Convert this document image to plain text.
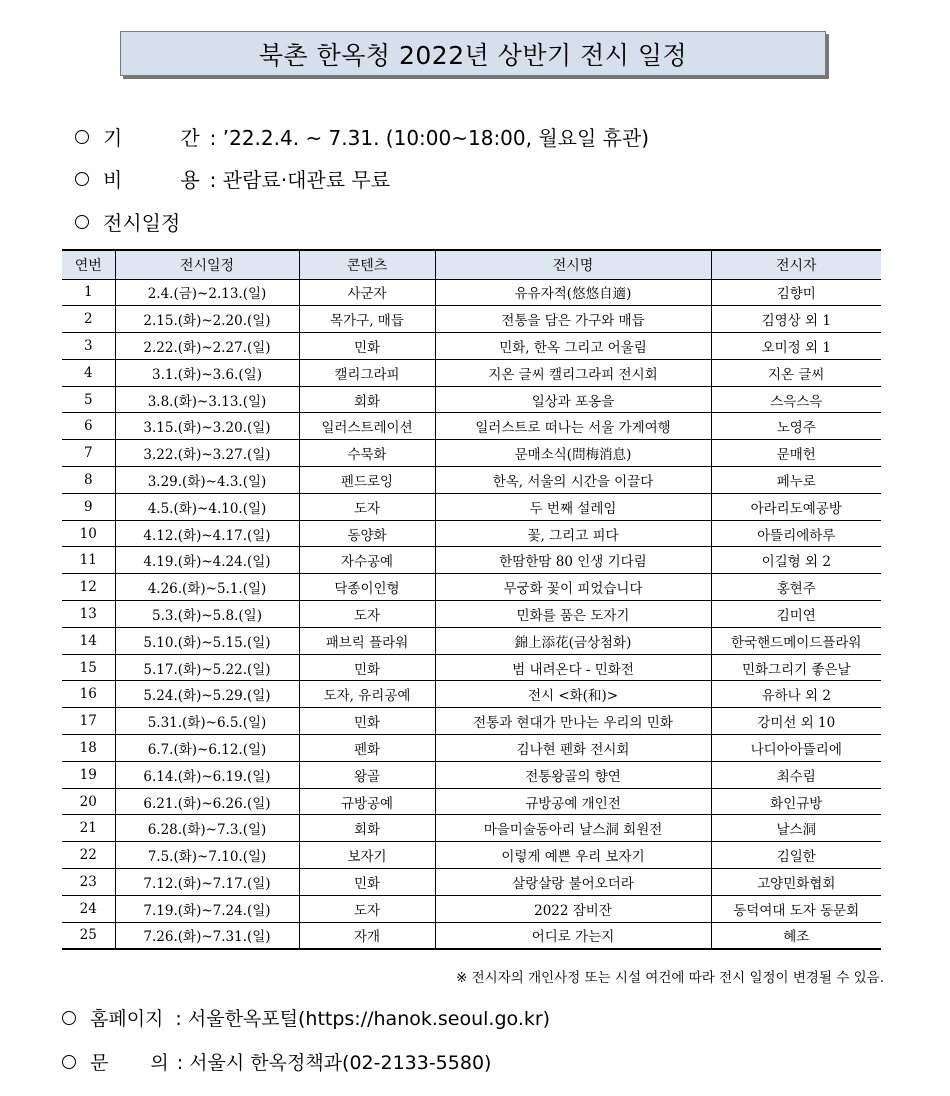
북촌 한옥청 2022년 상반기 전시 일정
기	간 : ’22.2.4. ~ 7.31. (10:00~18:00, 월요일 휴관)
비	용 : 관람료·대관료 무료
전시일정
연번	전시일정	콘텐츠	전시명	전시자
1	2.4.(금)~2.13.(일)	사군자	유유자적(悠悠自適)	김향미
2	2.15.(화)~2.20.(일)	목가구, 매듭	전통을 담은 가구와 매듭	김영상 외 1
3	2.22.(화)~2.27.(일)	민화	민화, 한옥 그리고 어울림	오미정 외 1
4	3.1.(화)~3.6.(일)	캘리그라피	지온 글씨 캘리그라피 전시회	지온 글씨
5	3.8.(화)~3.13.(일)	회화	일상과 포옹을	스윽스윽
6	3.15.(화)~3.20.(일)	일러스트레이션	일러스트로 떠나는 서울 가게여행	노영주
7	3.22.(화)~3.27.(일)	수묵화	문매소식(問梅消息)	문매헌
8	3.29.(화)~4.3.(일)	펜드로잉	한옥, 서울의 시간을 이끌다	페누로
9	4.5.(화)~4.10.(일)	도자	두 번째 설레임	아라리도예공방
10	4.12.(화)~4.17.(일)	동양화	꽃, 그리고 피다	아뜰리에하루
11	4.19.(화)~4.24.(일)	자수공예	한땀한땀 80 인생 기다림	이길형 외 2
12	4.26.(화)~5.1.(일)	닥종이인형	무궁화 꽃이 피었습니다	홍현주
13	5.3.(화)~5.8.(일)	도자	민화를 품은 도자기	김미연
14	5.10.(화)~5.15.(일)	패브릭 플라워	錦上添花(금상첨화)	한국핸드메이드플라워
15	5.17.(화)~5.22.(일)	민화	범 내려온다 - 민화전	민화그리기 좋은날
16	5.24.(화)~5.29.(일)	도자, 유리공예	전시 <화(和)>	유하나 외 2
17	5.31.(화)~6.5.(일)	민화	전통과 현대가 만나는 우리의 민화	강미선 외 10
18	6.7.(화)~6.12.(일)	펜화	김나현 펜화 전시회	나디아아뜰리에
19	6.14.(화)~6.19.(일)	왕골	전통왕골의 향연	최수림
20	6.21.(화)~6.26.(일)	규방공예	규방공예 개인전	화인규방
21	6.28.(화)~7.3.(일)	회화	마을미술동아리 날스洞 회원전	날스洞
22	7.5.(화)~7.10.(일)	보자기	이렇게 예쁜 우리 보자기	김일한
23	7.12.(화)~7.17.(일)	민화	살랑살랑 불어오더라	고양민화협회
24	7.19.(화)~7.24.(일)	도자	2022 잠비잔	동덕여대 도자 동문회
25	7.26.(화)~7.31.(일)	자개	어디로 가는지	혜조
※ 전시자의 개인사정 또는 시설 여건에 따라 전시 일정이 변경될 수 있음.
홈페이지 : 서울한옥포털(https://hanok.seoul.go.kr)
문 의 : 서울시 한옥정책과(02-2133-5580)
